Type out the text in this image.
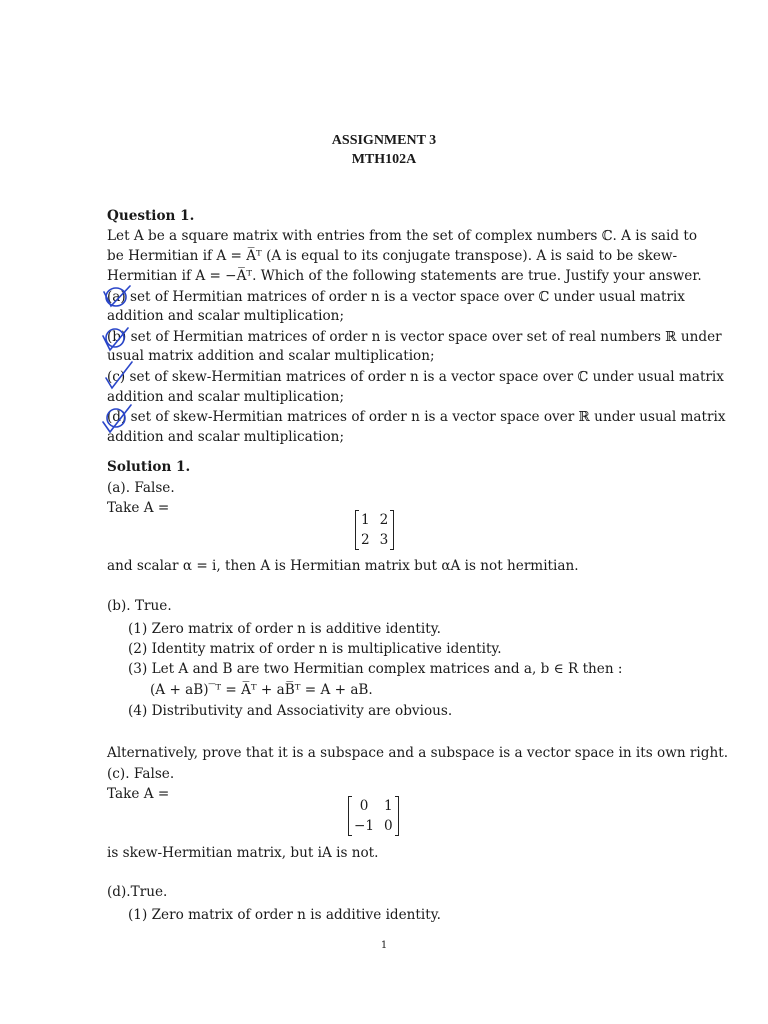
ASSIGNMENT 3
MTH102A
Question 1.
Let A be a square matrix with entries from the set of complex numbers ℂ. A is said to
be Hermitian if A = A̅ᵀ (A is equal to its conjugate transpose). A is said to be skew-
Hermitian if A = −A̅ᵀ. Which of the following statements are true. Justify your answer.
(a) set of Hermitian matrices of order n is a vector space over ℂ under usual matrix
addition and scalar multiplication;
(b) set of Hermitian matrices of order n is vector space over set of real numbers ℝ under
usual matrix addition and scalar multiplication;
(c) set of skew-Hermitian matrices of order n is a vector space over ℂ under usual matrix
addition and scalar multiplication;
(d) set of skew-Hermitian matrices of order n is a vector space over ℝ under usual matrix
addition and scalar multiplication;
Solution 1.
(a). False.
Take A =
1	2
2	3
and scalar α = i, then A is Hermitian matrix but αA is not hermitian.
(b). True.
(1) Zero matrix of order n is additive identity.
(2) Identity matrix of order n is multiplicative identity.
(3) Let A and B are two Hermitian complex matrices and a, b ∈ R then :
(A + aB)‾ᵀ = A̅ᵀ + aB̅ᵀ = A + aB.
(4) Distributivity and Associativity are obvious.
Alternatively, prove that it is a subspace and a subspace is a vector space in its own right.
(c). False.
Take A =
0	1
−1	0
is skew-Hermitian matrix, but iA is not.
(d).True.
(1) Zero matrix of order n is additive identity.
1
